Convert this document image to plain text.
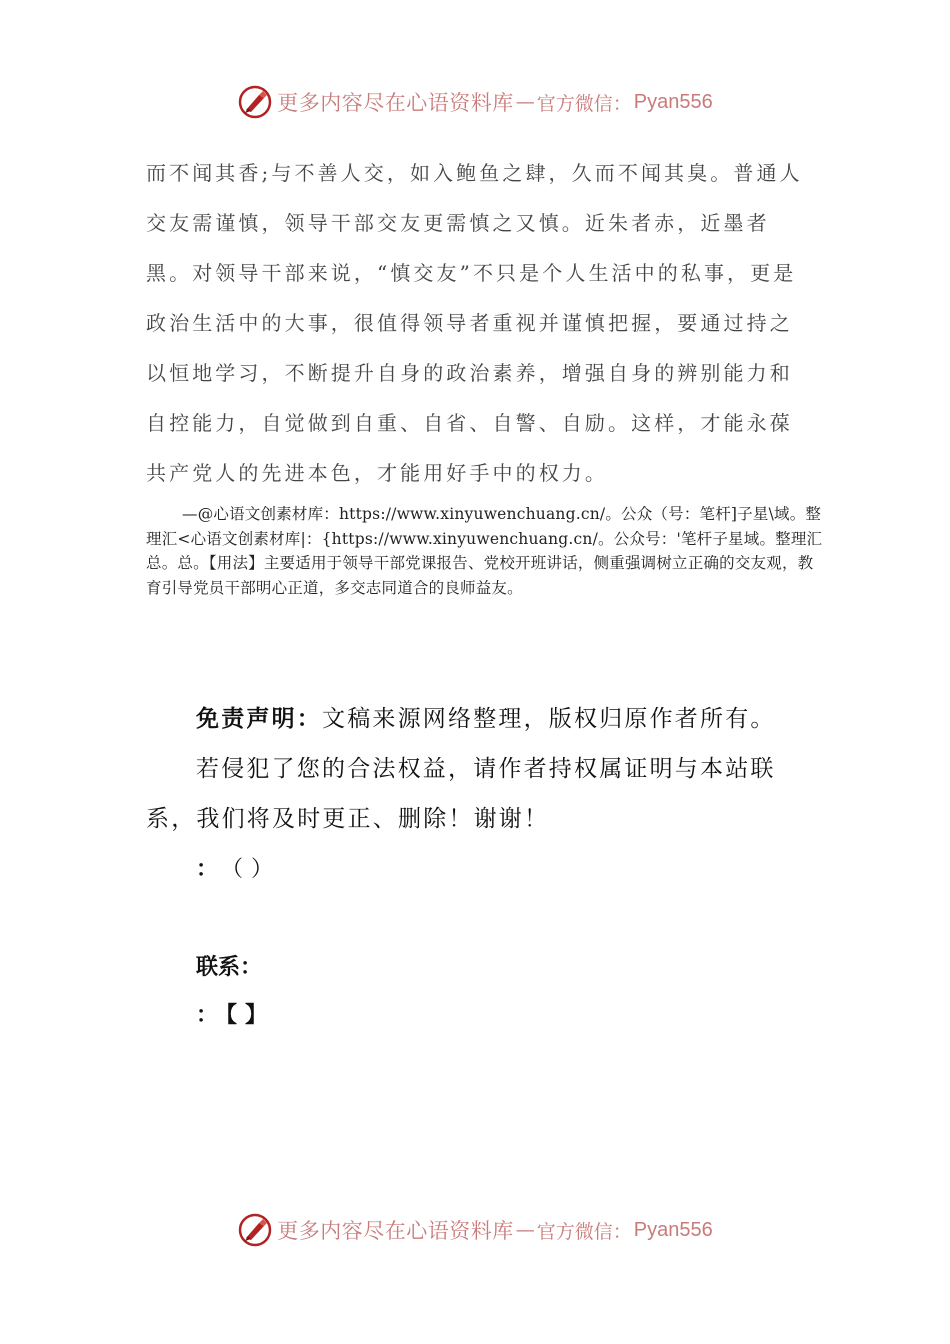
更多内容尽在心语资料库 — 官方微信： Pyan556

而不闻其香;与不善人交，如入鲍鱼之肆，久而不闻其臭。普通人交友需谨慎，领导干部交友更需慎之又慎。近朱者赤，近墨者黑。对领导干部来说，“慎交友”不只是个人生活中的私事，更是政治生活中的大事，很值得领导者重视并谨慎把握，要通过持之以恒地学习，不断提升自身的政治素养，增强自身的辨别能力和自控能力，自觉做到自重、自省、自警、自励。这样，才能永葆共产党人的先进本色，才能用好手中的权力。

—@心语文创素材库：https://www.xinyuwenchuang.cn/。公众（号：笔杆]子星\域。整理汇<心语文创素材库|：{https://www.xinyuwenchuang.cn/。公众号：'笔杆子星域。整理汇总。总。【用法】主要适用于领导干部党课报告、党校开班讲话，侧重强调树立正确的交友观，教育引导党员干部明心正道，多交志同道合的良师益友。

免责声明：文稿来源网络整理，版权归原作者所有。
若侵犯了您的合法权益，请作者持权属证明与本站联系，我们将及时更正、删除！谢谢！

： （）
联系：
： 【】
更多内容尽在心语资料库 — 官方微信： Pyan556
